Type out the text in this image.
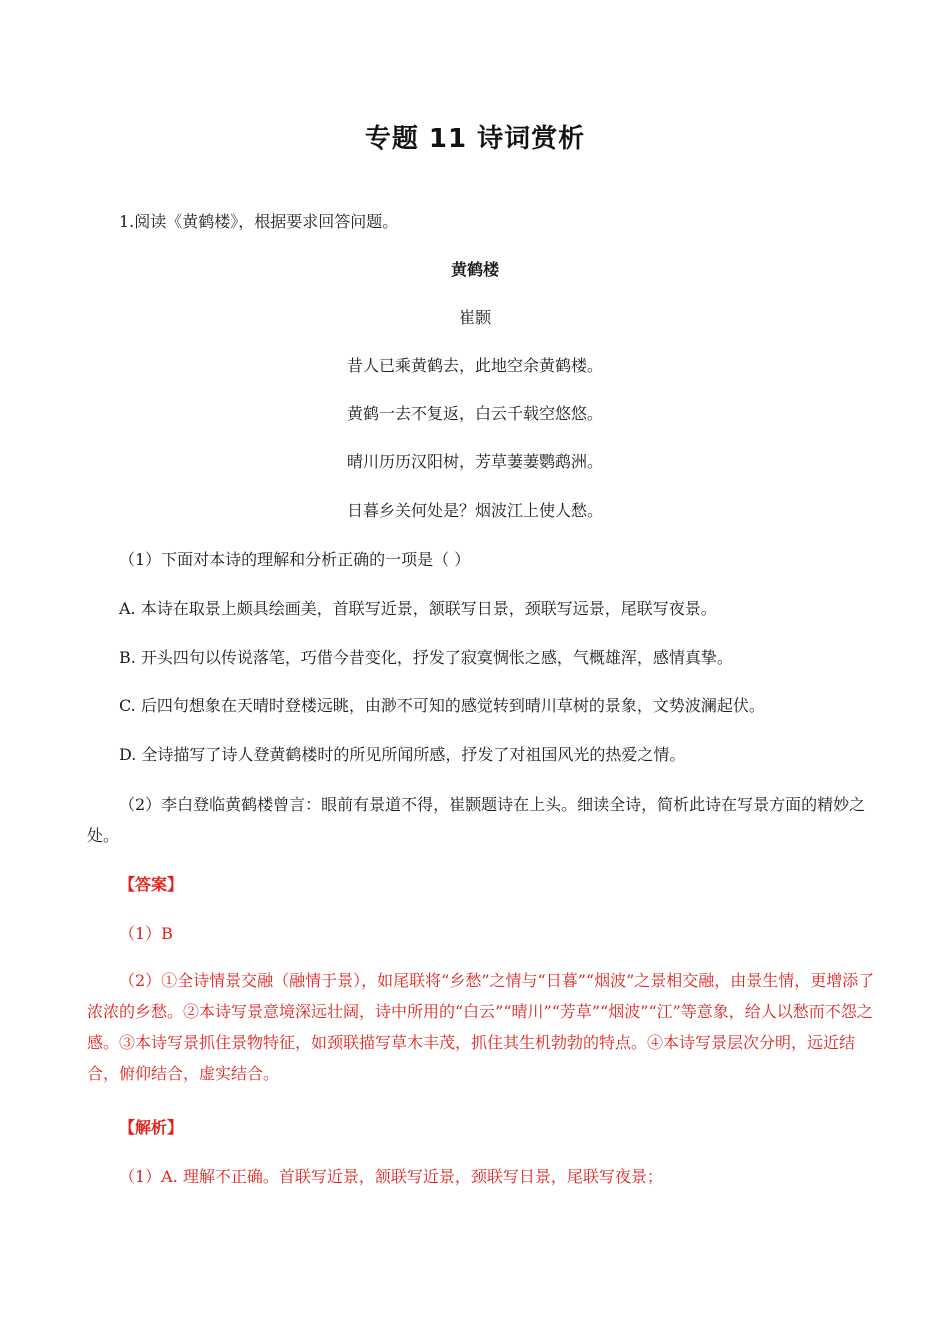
专题 11 诗词赏析

1.阅读《黄鹤楼》，根据要求回答问题。

黄鹤楼

崔颢

昔人已乘黄鹤去，此地空余黄鹤楼。

黄鹤一去不复返，白云千载空悠悠。

晴川历历汉阳树，芳草萋萋鹦鹉洲。

日暮乡关何处是？烟波江上使人愁。

（1）下面对本诗的理解和分析正确的一项是（ ）

A. 本诗在取景上颇具绘画美，首联写近景，颔联写日景，颈联写远景，尾联写夜景。

B. 开头四句以传说落笔，巧借今昔变化，抒发了寂寞惆怅之感，气概雄浑，感情真挚。

C. 后四句想象在天晴时登楼远眺，由渺不可知的感觉转到晴川草树的景象，文势波澜起伏。

D. 全诗描写了诗人登黄鹤楼时的所见所闻所感，抒发了对祖国风光的热爱之情。

（2）李白登临黄鹤楼曾言：眼前有景道不得，崔颢题诗在上头。细读全诗，简析此诗在写景方面的精妙之处。

【答案】

（1）B

（2）①全诗情景交融（融情于景），如尾联将“乡愁”之情与“日暮”“烟波”之景相交融，由景生情，更增添了浓浓的乡愁。②本诗写景意境深远壮阔，诗中所用的“白云”“晴川”“芳草”“烟波”“江”等意象，给人以愁而不怨之感。③本诗写景抓住景物特征，如颈联描写草木丰茂，抓住其生机勃勃的特点。④本诗写景层次分明，远近结合，俯仰结合，虚实结合。

【解析】

（1）A. 理解不正确。首联写近景，颔联写近景，颈联写日景，尾联写夜景；
